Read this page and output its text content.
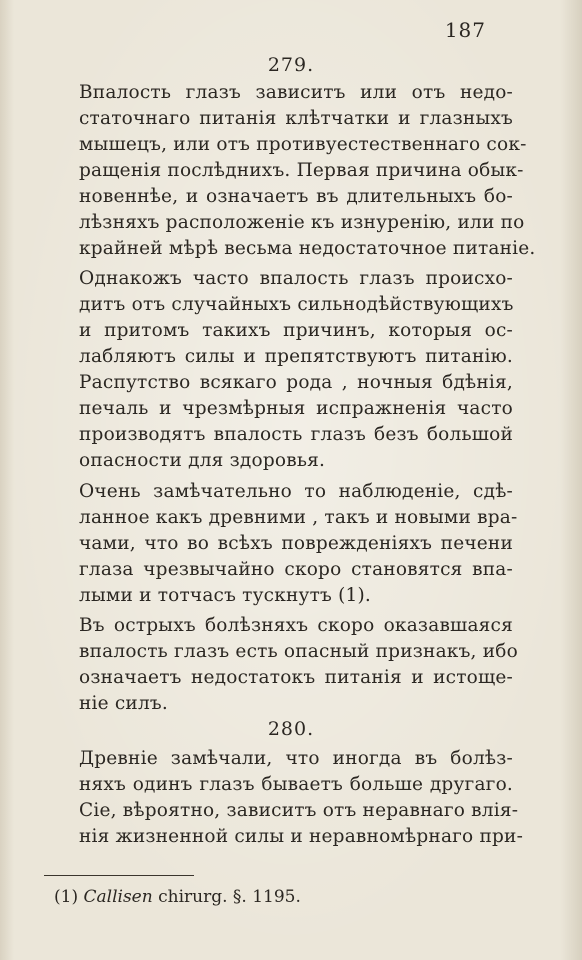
187
279.
Впалость глазъ зависитъ или отъ недо-
статочнаго питанія клѣтчатки и глазныхъ
мышецъ, или отъ противуестественнаго сок-
ращенія послѣднихъ. Первая причина обык-
новеннѣе, и означаетъ въ длительныхъ бо-
лѣзняхъ расположеніе къ изнуренію, или по
крайней мѣрѣ весьма недостаточное питаніе.
Однакожъ часто впалость глазъ происхо-
дитъ отъ случайныхъ сильнодѣйствующихъ
и притомъ такихъ причинъ, которыя ос-
лабляютъ силы и препятствуютъ питанію.
Распутство всякаго рода , ночныя бдѣнія,
печаль и чрезмѣрныя испражненія часто
производятъ впалость глазъ безъ большой
опасности для здоровья.
Очень замѣчательно то наблюденіе, сдѣ-
ланное какъ древними , такъ и новыми вра-
чами, что во всѣхъ поврежденіяхъ печени
глаза чрезвычайно скоро становятся впа-
лыми и тотчасъ тускнутъ (1).
Въ острыхъ болѣзняхъ скоро оказавшаяся
впалость глазъ есть опасный признакъ, ибо
означаетъ недостатокъ питанія и истоще-
ніе силъ.
280.
Древніе замѣчали, что иногда въ болѣз-
няхъ одинъ глазъ бываетъ больше другаго.
Сіе, вѣроятно, зависитъ отъ неравнаго влія-
нія жизненной силы и неравномѣрнаго при-
(1) Callisen chirurg. §. 1195.
